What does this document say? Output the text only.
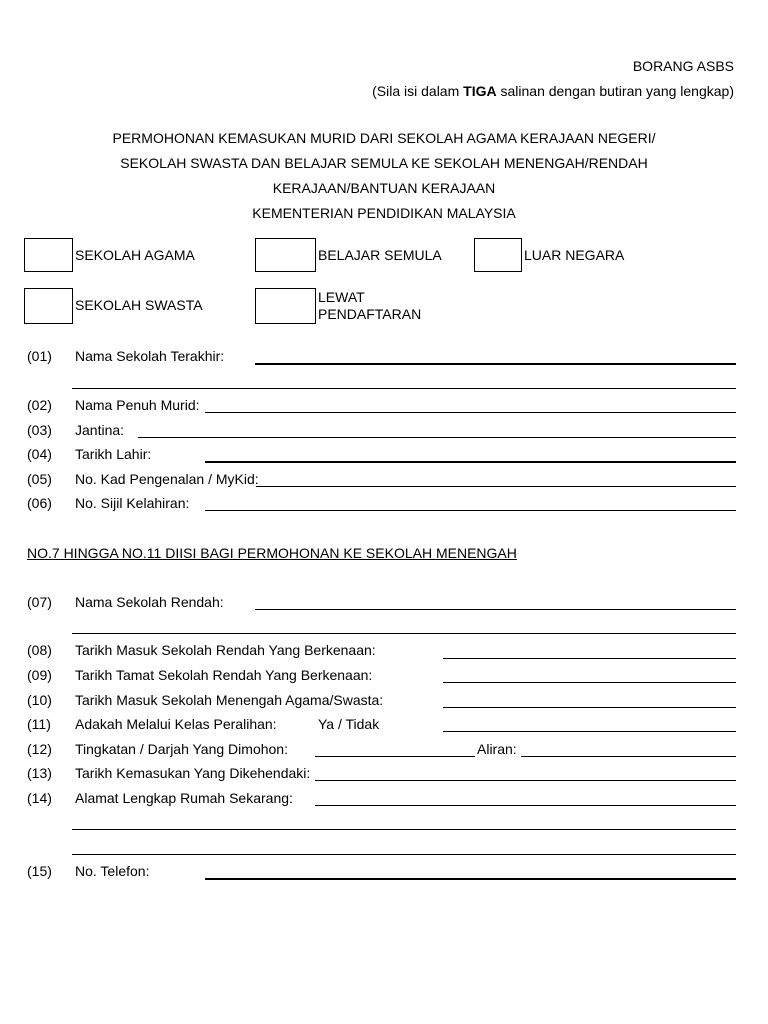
BORANG ASBS
(Sila isi dalam TIGA salinan dengan butiran yang lengkap)
PERMOHONAN KEMASUKAN MURID DARI SEKOLAH AGAMA KERAJAAN NEGERI/
SEKOLAH SWASTA DAN BELAJAR SEMULA KE SEKOLAH MENENGAH/RENDAH
KERAJAAN/BANTUAN KERAJAAN
KEMENTERIAN PENDIDIKAN MALAYSIA
SEKOLAH AGAMA	BELAJAR SEMULA	LUAR NEGARA
SEKOLAH SWASTA	LEWAT
PENDAFTARAN
(01) Nama Sekolah Terakhir:
(02) Nama Penuh Murid:
(03) Jantina:
(04) Tarikh Lahir:
(05) No. Kad Pengenalan / MyKid:
(06) No. Sijil Kelahiran:
NO.7 HINGGA NO.11 DIISI BAGI PERMOHONAN KE SEKOLAH MENENGAH
(07) Nama Sekolah Rendah:
(08) Tarikh Masuk Sekolah Rendah Yang Berkenaan:
(09) Tarikh Tamat Sekolah Rendah Yang Berkenaan:
(10) Tarikh Masuk Sekolah Menengah Agama/Swasta:
(11) Adakah Melalui Kelas Peralihan:	Ya / Tidak
(12) Tingkatan / Darjah Yang Dimohon:	Aliran:
(13) Tarikh Kemasukan Yang Dikehendaki:
(14) Alamat Lengkap Rumah Sekarang:
(15) No. Telefon:
